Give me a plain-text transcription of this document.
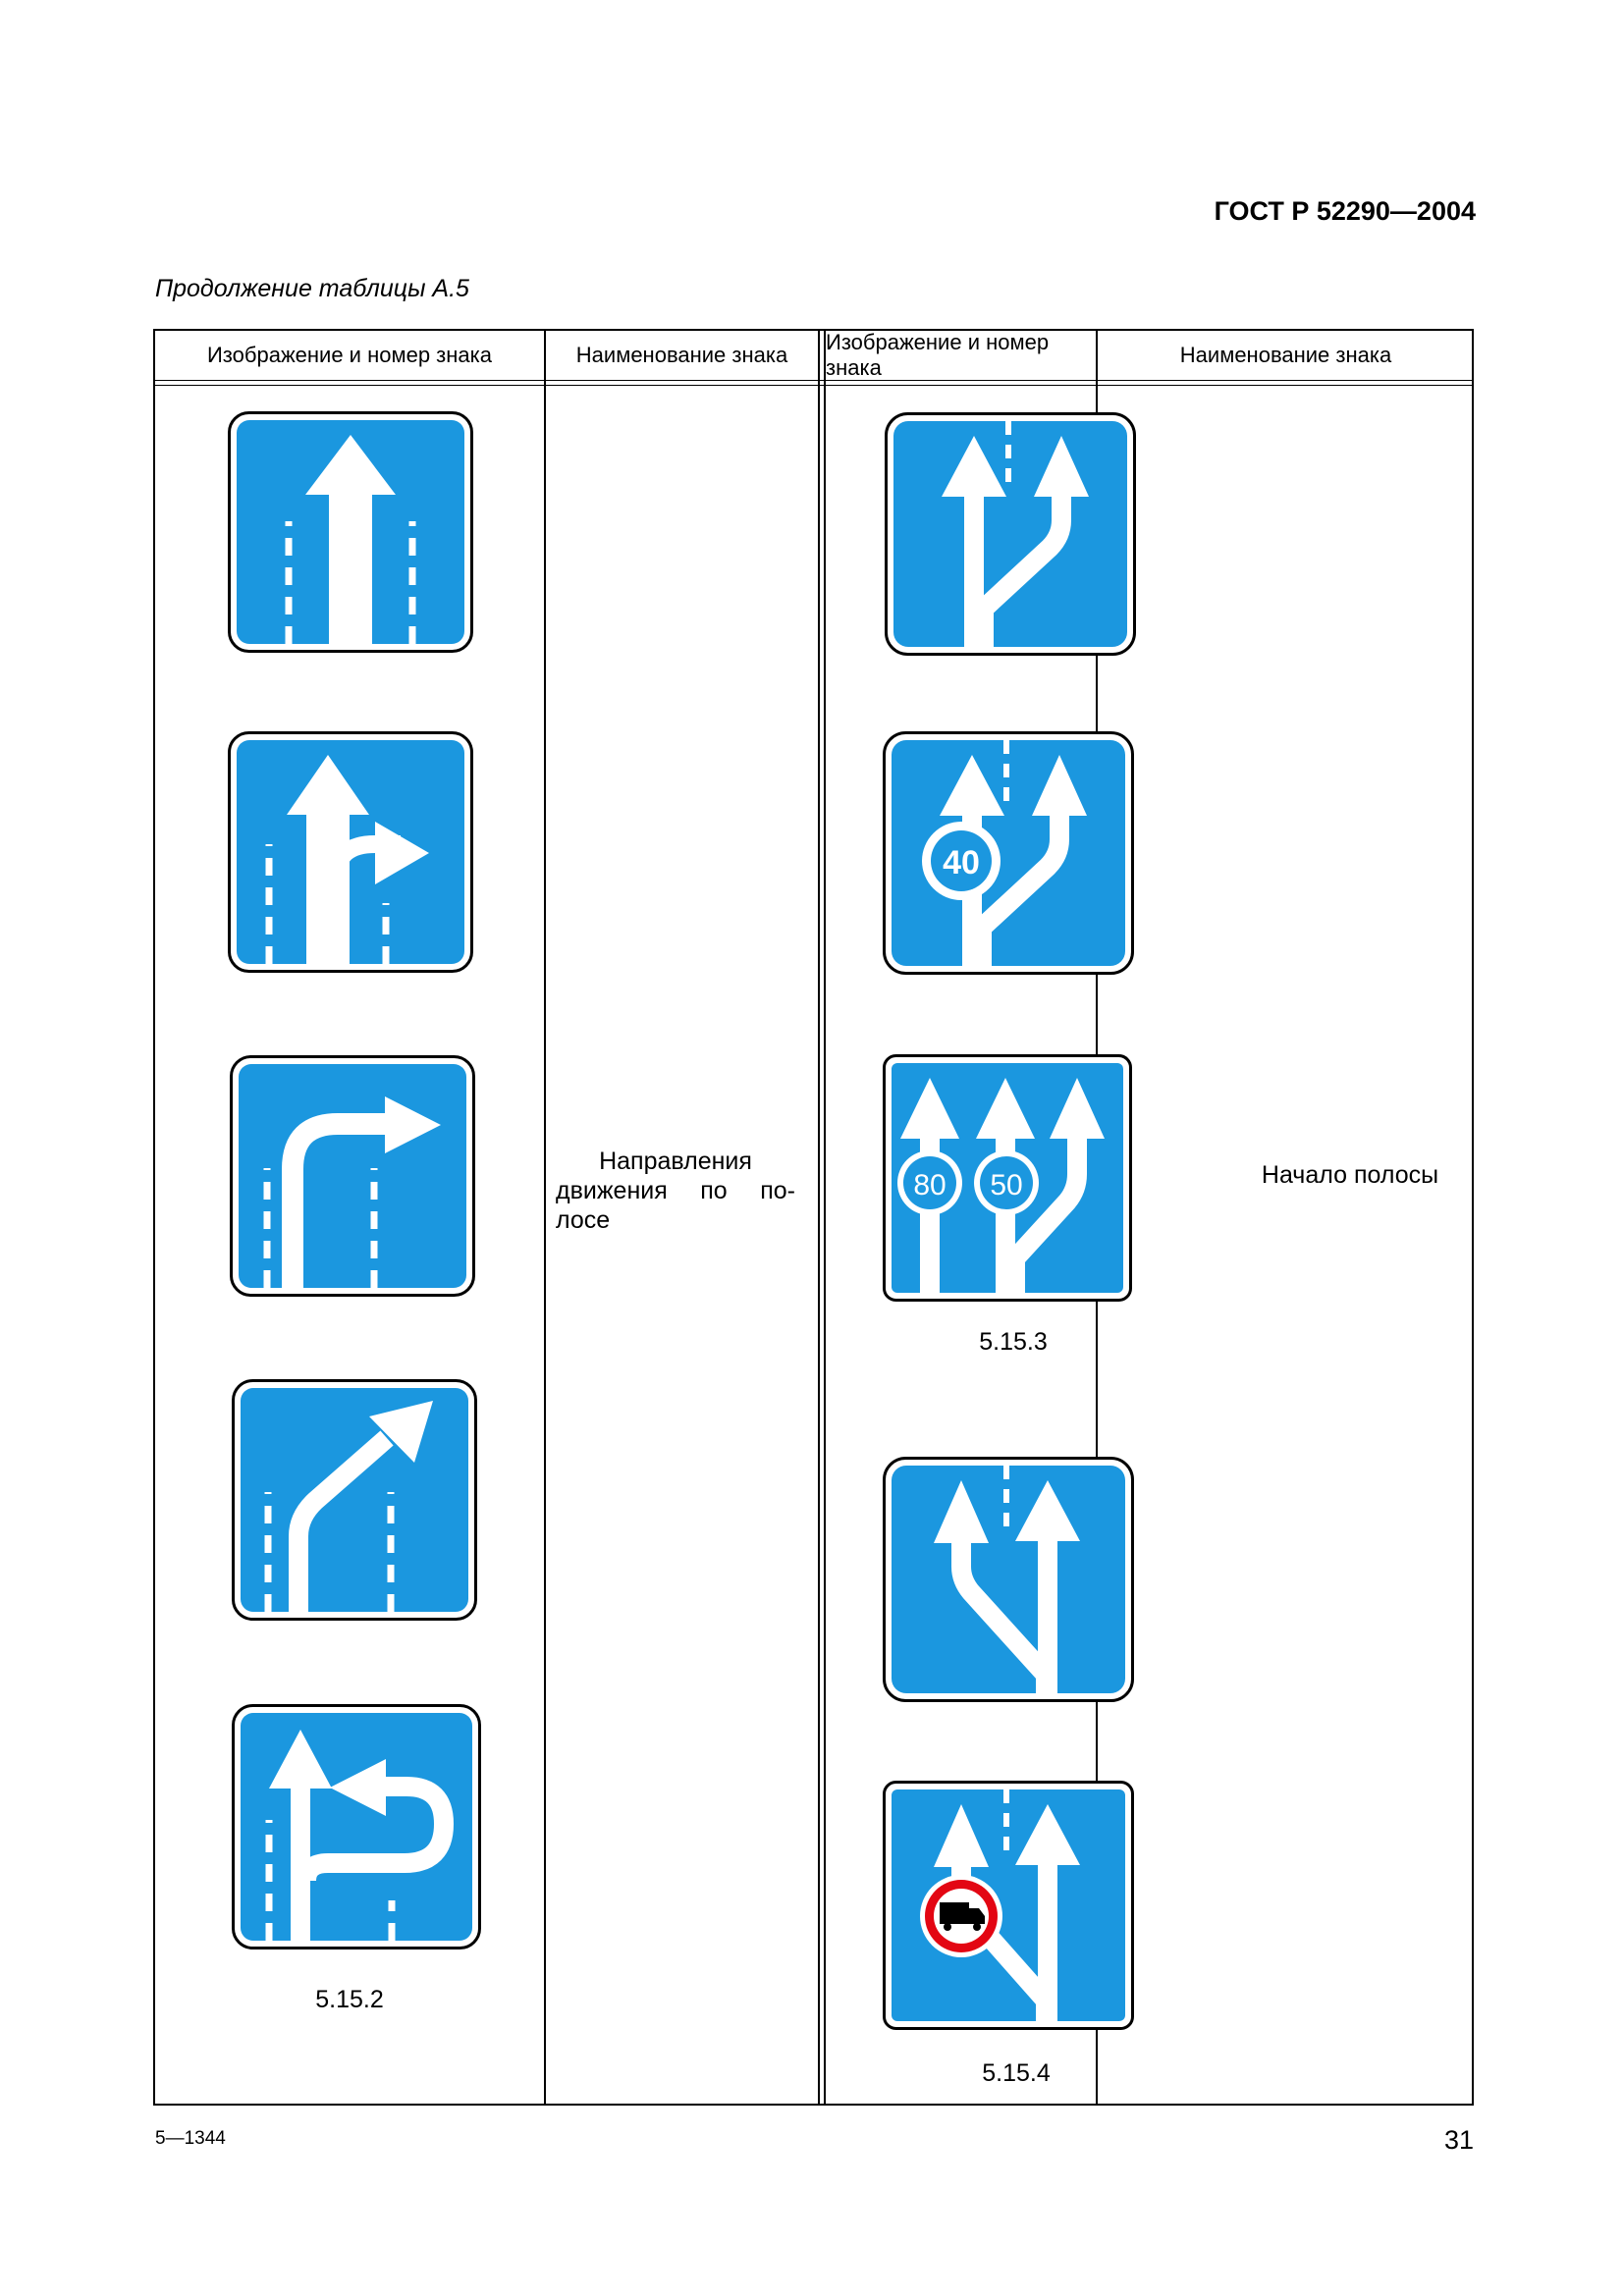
ГОСТ Р 52290—2004
Продолжение таблицы А.5
Изображение и номер знака	Наименование знака
Изображение и номер знака
Наименование знака
5.15.2
Направления
движения по по-
лосе
40
80 50
5.15.3
5.15.4
Начало полосы
5—1344	31
